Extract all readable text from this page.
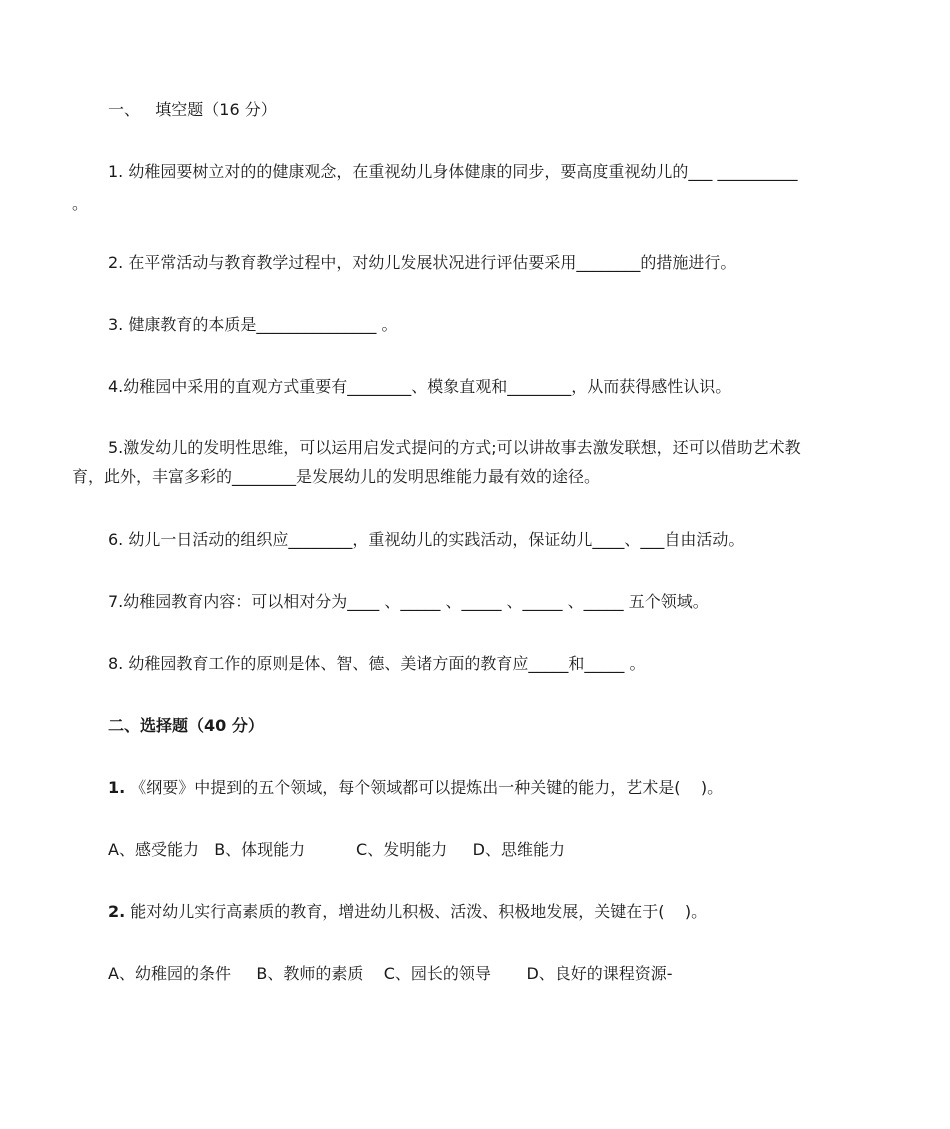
一、   填空题（16 分）
1. 幼稚园要树立对的的健康观念，在重视幼儿身体健康的同步，要高度重视幼儿的___ __________
。
2. 在平常活动与教育教学过程中，对幼儿发展状况进行评估要采用________的措施进行。
3. 健康教育的本质是_______________ 。
4.幼稚园中采用的直观方式重要有________、模象直观和________，从而获得感性认识。
5.激发幼儿的发明性思维，可以运用启发式提问的方式;可以讲故事去激发联想，还可以借助艺术教
育，此外，丰富多彩的________是发展幼儿的发明思维能力最有效的途径。
6. 幼儿一日活动的组织应________，重视幼儿的实践活动，保证幼儿____、___自由活动。
7.幼稚园教育内容：可以相对分为____ 、_____ 、_____ 、_____ 、_____ 五个领域。
8. 幼稚园教育工作的原则是体、智、德、美诸方面的教育应_____和_____ 。
二、选择题（40 分）
1. 《纲要》中提到的五个领域，每个领域都可以提炼出一种关键的能力，艺术是(    )。
A、感受能力   B、体现能力          C、发明能力     D、思维能力
2. 能对幼儿实行高素质的教育，增进幼儿积极、活泼、积极地发展，关键在于(    )。
A、幼稚园的条件     B、教师的素质    C、园长的领导       D、良好的课程资源-
